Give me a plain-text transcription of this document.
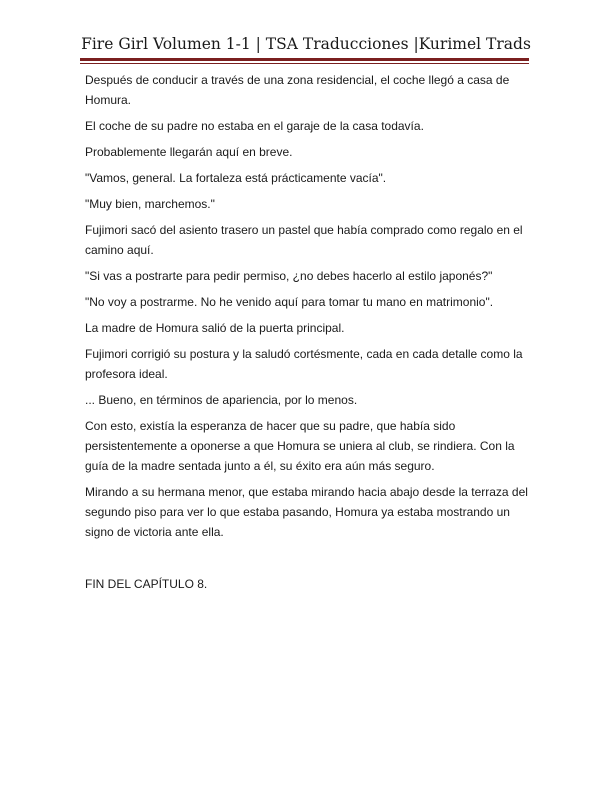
Fire Girl Volumen 1-1 | TSA Traducciones |Kurimel Trads

Después de conducir a través de una zona residencial, el coche llegó a casa de Homura.

El coche de su padre no estaba en el garaje de la casa todavía.

Probablemente llegarán aquí en breve.

"Vamos, general. La fortaleza está prácticamente vacía".

"Muy bien, marchemos."

Fujimori sacó del asiento trasero un pastel que había comprado como regalo en el camino aquí.

"Si vas a postrarte para pedir permiso, ¿no debes hacerlo al estilo japonés?"

"No voy a postrarme. No he venido aquí para tomar tu mano en matrimonio".

La madre de Homura salió de la puerta principal.

Fujimori corrigió su postura y la saludó cortésmente, cada en cada detalle como la profesora ideal.

... Bueno, en términos de apariencia, por lo menos.

Con esto, existía la esperanza de hacer que su padre, que había sido persistentemente a oponerse a que Homura se uniera al club, se rindiera. Con la guía de la madre sentada junto a él, su éxito era aún más seguro.

Mirando a su hermana menor, que estaba mirando hacia abajo desde la terraza del segundo piso para ver lo que estaba pasando, Homura ya estaba mostrando un signo de victoria ante ella.

FIN DEL CAPÍTULO 8.
